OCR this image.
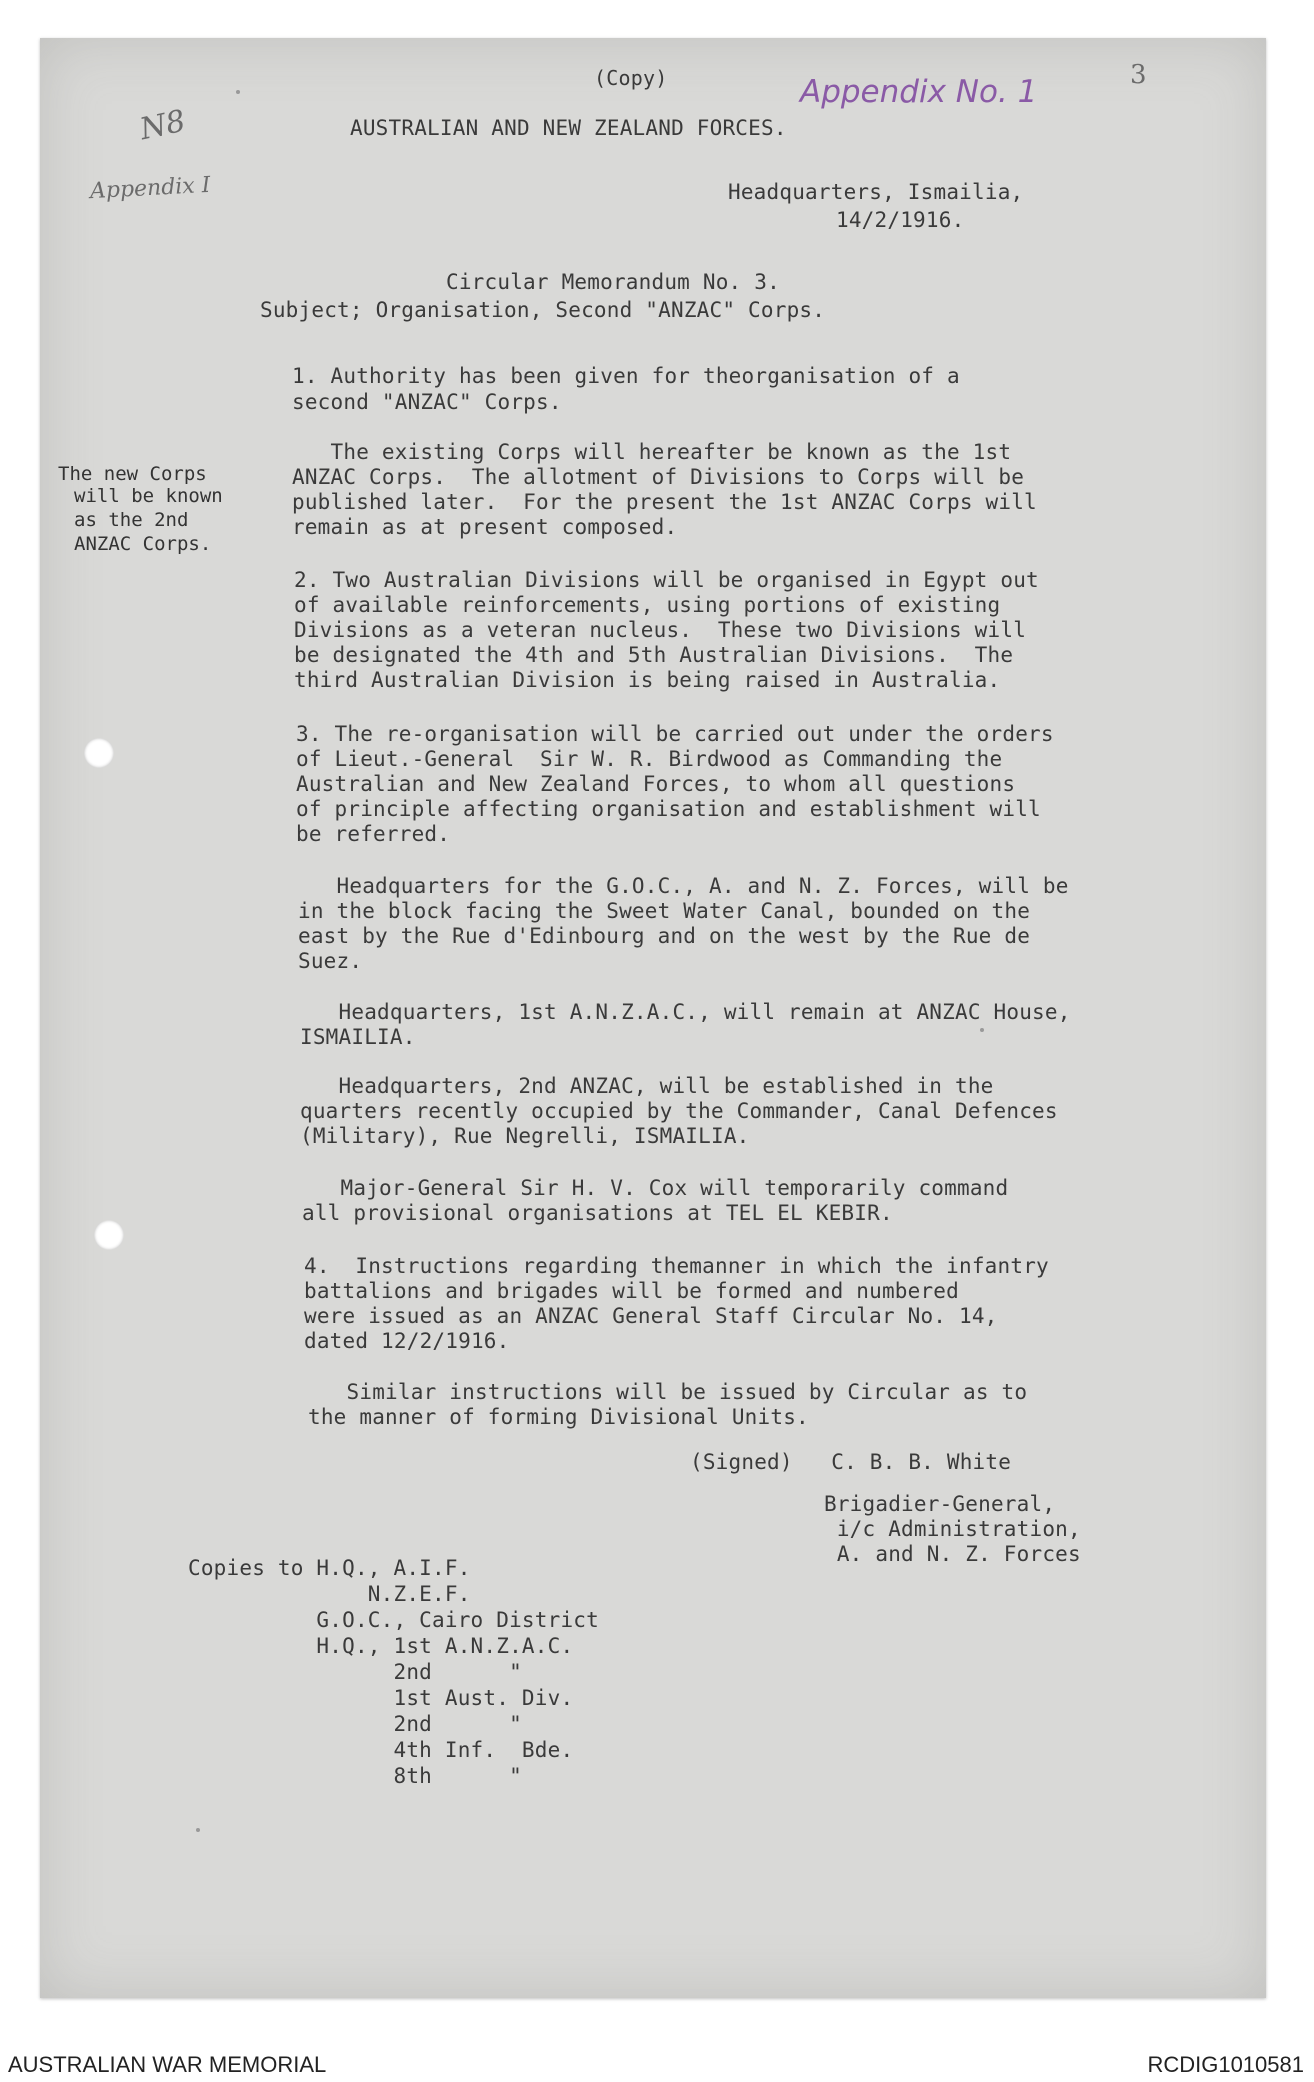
(Copy)	Appendix No. 1	3
N8	AUSTRALIAN AND NEW ZEALAND FORCES.
Appendix I	Headquarters, Ismailia,
14/2/1916.
Circular Memorandum No. 3.
Subject; Organisation, Second "ANZAC" Corps.
The new Corps
will be known
as the 2nd
ANZAC Corps.
1. Authority has been given for theorganisation of a
second "ANZAC" Corps.
The existing Corps will hereafter be known as the 1st
ANZAC Corps.  The allotment of Divisions to Corps will be
published later.  For the present the 1st ANZAC Corps will
remain as at present composed.
2. Two Australian Divisions will be organised in Egypt out
of available reinforcements, using portions of existing
Divisions as a veteran nucleus.  These two Divisions will
be designated the 4th and 5th Australian Divisions.  The
third Australian Division is being raised in Australia.
3. The re-organisation will be carried out under the orders
of Lieut.-General  Sir W. R. Birdwood as Commanding the
Australian and New Zealand Forces, to whom all questions
of principle affecting organisation and establishment will
be referred.
Headquarters for the G.O.C., A. and N. Z. Forces, will be
in the block facing the Sweet Water Canal, bounded on the
east by the Rue d'Edinbourg and on the west by the Rue de
Suez.
Headquarters, 1st A.N.Z.A.C., will remain at ANZAC House,
ISMAILIA.
Headquarters, 2nd ANZAC, will be established in the
quarters recently occupied by the Commander, Canal Defences
(Military), Rue Negrelli, ISMAILIA.
Major-General Sir H. V. Cox will temporarily command
all provisional organisations at TEL EL KEBIR.
4.  Instructions regarding themanner in which the infantry
battalions and brigades will be formed and numbered
were issued as an ANZAC General Staff Circular No. 14,
dated 12/2/1916.
Similar instructions will be issued by Circular as to
the manner of forming Divisional Units.
(Signed)   C. B. B. White
Brigadier-General,
i/c Administration,
A. and N. Z. Forces
Copies to H.Q., A.I.F.
N.Z.E.F.
G.O.C., Cairo District
H.Q., 1st A.N.Z.A.C.
2nd      "
1st Aust. Div.
2nd      "
4th Inf.  Bde.
8th      "
AUSTRALIAN WAR MEMORIAL	RCDIG1010581
